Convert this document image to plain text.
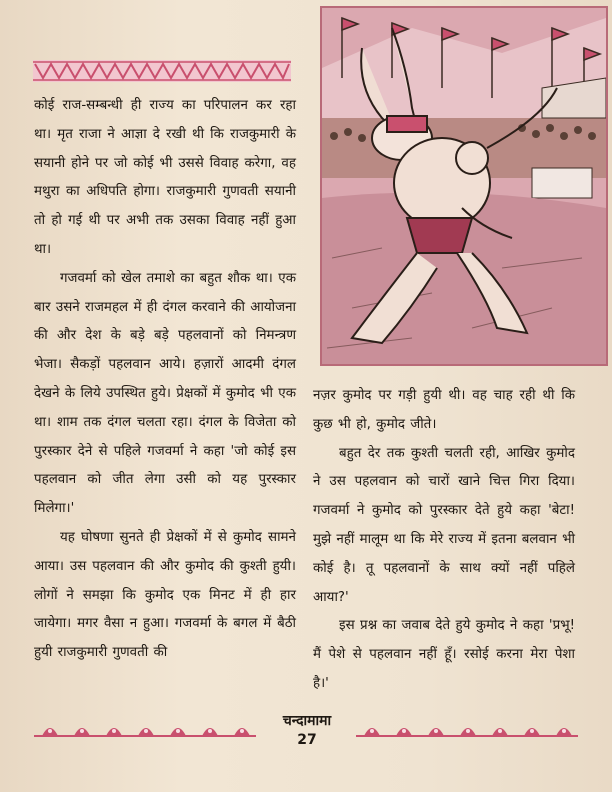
कोई राज-सम्बन्धी ही राज्य का परिपालन कर रहा था। मृत राजा ने आज्ञा दे रखी थी कि राजकुमारी के सयानी होने पर जो कोई भी उससे विवाह करेगा, वह मथुरा का अधिपति होगा। राजकुमारी गुणवती सयानी तो हो गई थी पर अभी तक उसका विवाह नहीं हुआ था।

गजवर्मा को खेल तमाशे का बहुत शौक था। एक बार उसने राजमहल में ही दंगल करवाने की आयोजना की और देश के बड़े बड़े पहलवानों को निमन्त्रण भेजा। सैकड़ों पहलवान आये। हज़ारों आदमी दंगल देखने के लिये उपस्थित हुये। प्रेक्षकों में कुमोद भी एक था। शाम तक दंगल चलता रहा। दंगल के विजेता को पुरस्कार देने से पहिले गजवर्मा ने कहा 'जो कोई इस पहलवान को जीत लेगा उसी को यह पुरस्कार मिलेगा।'

यह घोषणा सुनते ही प्रेक्षकों में से कुमोद सामने आया। उस पहलवान की और कुमोद की कुश्ती हुयी। लोगों ने समझा कि कुमोद एक मिनट में ही हार जायेगा। मगर वैसा न हुआ। गजवर्मा के बगल में बैठी हुयी राजकुमारी गुणवती की

नज़र कुमोद पर गड़ी हुयी थी। वह चाह रही थी कि कुछ भी हो, कुमोद जीते।

बहुत देर तक कुश्ती चलती रही, आखिर कुमोद ने उस पहलवान को चारों खाने चित्त गिरा दिया। गजवर्मा ने कुमोद को पुरस्कार देते हुये कहा 'बेटा! मुझे नहीं मालूम था कि मेरे राज्य में इतना बलवान भी कोई है। तू पहलवानों के साथ क्यों नहीं पहिले आया?'

इस प्रश्न का जवाब देते हुये कुमोद ने कहा 'प्रभू! मैं पेशे से पहलवान नहीं हूँ। रसोई करना मेरा पेशा है।'

चन्दामामा
27
